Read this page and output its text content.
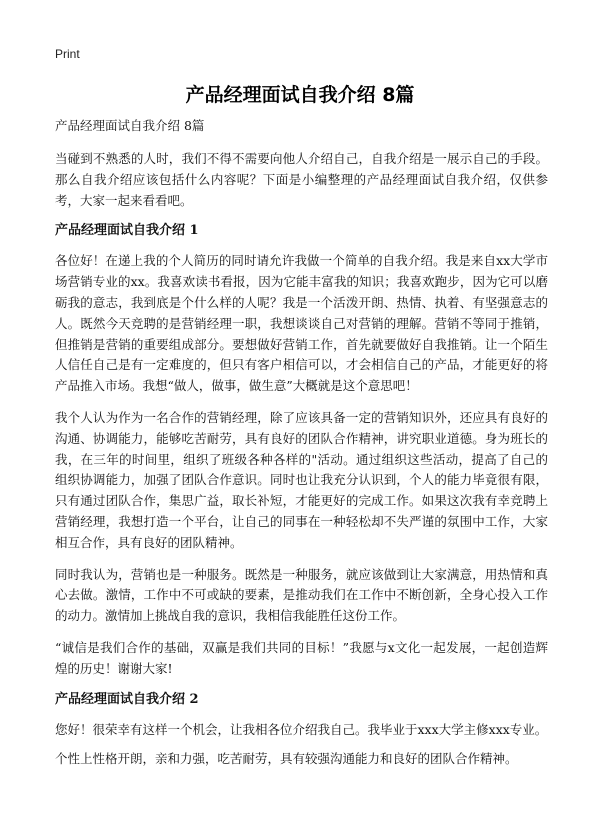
Print
产品经理面试自我介绍 8篇

产品经理面试自我介绍 8篇

当碰到不熟悉的人时，我们不得不需要向他人介绍自己，自我介绍是一展示自己的手段。那么自我介绍应该包括什么内容呢？下面是小编整理的产品经理面试自我介绍，仅供参考，大家一起来看看吧。

产品经理面试自我介绍 1

各位好！在递上我的个人简历的同时请允许我做一个简单的自我介绍。我是来自xx大学市场营销专业的xx。我喜欢读书看报，因为它能丰富我的知识；我喜欢跑步，因为它可以磨砺我的意志，我到底是个什么样的人呢？我是一个活泼开朗、热情、执着、有坚强意志的人。既然今天竞聘的是营销经理一职，我想谈谈自己对营销的理解。营销不等同于推销，但推销是营销的重要组成部分。要想做好营销工作，首先就要做好自我推销。让一个陌生人信任自己是有一定难度的，但只有客户相信可以，才会相信自己的产品，才能更好的将产品推入市场。我想“做人，做事，做生意”大概就是这个意思吧！

我个人认为作为一名合作的营销经理，除了应该具备一定的营销知识外，还应具有良好的沟通、协调能力，能够吃苦耐劳，具有良好的团队合作精神，讲究职业道德。身为班长的我，在三年的时间里，组织了班级各种各样的"活动。通过组织这些活动，提高了自己的组织协调能力，加强了团队合作意识。同时也让我充分认识到，个人的能力毕竟很有限，只有通过团队合作，集思广益，取长补短，才能更好的完成工作。如果这次我有幸竞聘上营销经理，我想打造一个平台，让自己的同事在一种轻松却不失严谨的氛围中工作，大家相互合作，具有良好的团队精神。

同时我认为，营销也是一种服务。既然是一种服务，就应该做到让大家满意，用热情和真心去做。激情，工作中不可或缺的要素，是推动我们在工作中不断创新，全身心投入工作的动力。激情加上挑战自我的意识，我相信我能胜任这份工作。

“诚信是我们合作的基础，双赢是我们共同的目标！”我愿与x文化一起发展，一起创造辉煌的历史！谢谢大家!

产品经理面试自我介绍 2

您好！很荣幸有这样一个机会，让我相各位介绍我自己。我毕业于xxx大学主修xxx专业。

个性上性格开朗，亲和力强，吃苦耐劳，具有较强沟通能力和良好的团队合作精神。
